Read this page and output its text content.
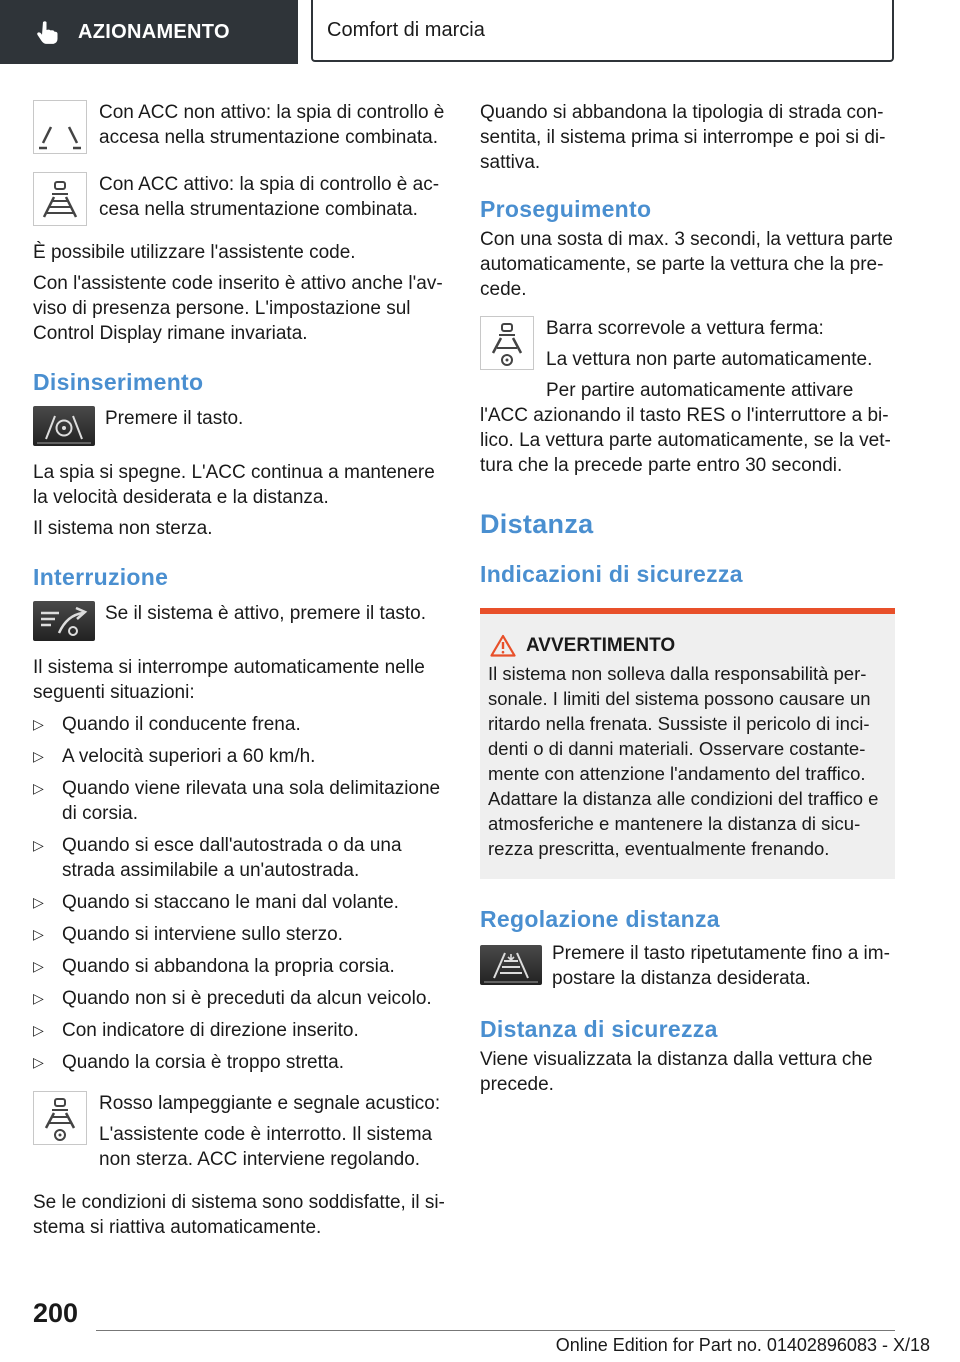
AZIONAMENTO	Comfort di marcia

Con ACC non attivo: la spia di controllo è accesa nella strumentazione combinata.

Con ACC attivo: la spia di controllo è ac-cesa nella strumentazione combinata.

È possibile utilizzare l'assistente code.

Con l'assistente code inserito è attivo anche l'av-viso di presenza persone. L'impostazione sul Control Display rimane invariata.

Disinserimento

Premere il tasto.

La spia si spegne. L'ACC continua a mantenere la velocità desiderata e la distanza.

Il sistema non sterza.

Interruzione

Se il sistema è attivo, premere il tasto.

Il sistema si interrompe automaticamente nelle seguenti situazioni:

▷ Quando il conducente frena.
▷ A velocità superiori a 60 km/h.
▷ Quando viene rilevata una sola delimitazione di corsia.
▷ Quando si esce dall'autostrada o da una strada assimilabile a un'autostrada.
▷ Quando si staccano le mani dal volante.
▷ Quando si interviene sullo sterzo.
▷ Quando si abbandona la propria corsia.
▷ Quando non si è preceduti da alcun veicolo.
▷ Con indicatore di direzione inserito.
▷ Quando la corsia è troppo stretta.

Rosso lampeggiante e segnale acustico:

L'assistente code è interrotto. Il sistema non sterza. ACC interviene regolando.

Se le condizioni di sistema sono soddisfatte, il si-stema si riattiva automaticamente.

Quando si abbandona la tipologia di strada con-sentita, il sistema prima si interrompe e poi si di-sattiva.

Proseguimento

Con una sosta di max. 3 secondi, la vettura parte automaticamente, se parte la vettura che la pre-cede.

Barra scorrevole a vettura ferma:

La vettura non parte automaticamente.

Per partire automaticamente attivare

l'ACC azionando il tasto RES o l'interruttore a bi-lico. La vettura parte automaticamente, se la vet-tura che la precede parte entro 30 secondi.

Distanza
Indicazioni di sicurezza
AVVERTIMENTO

Il sistema non solleva dalla responsabilità per-sonale. I limiti del sistema possono causare un ritardo nella frenata. Sussiste il pericolo di inci-denti o di danni materiali. Osservare costante-mente con attenzione l'andamento del traffico. Adattare la distanza alle condizioni del traffico e atmosferiche e mantenere la distanza di sicu-rezza prescritta, eventualmente frenando.

Regolazione distanza

Premere il tasto ripetutamente fino a im-postare la distanza desiderata.

Distanza di sicurezza

Viene visualizzata la distanza dalla vettura che precede.

200
Online Edition for Part no. 01402896083 - X/18
